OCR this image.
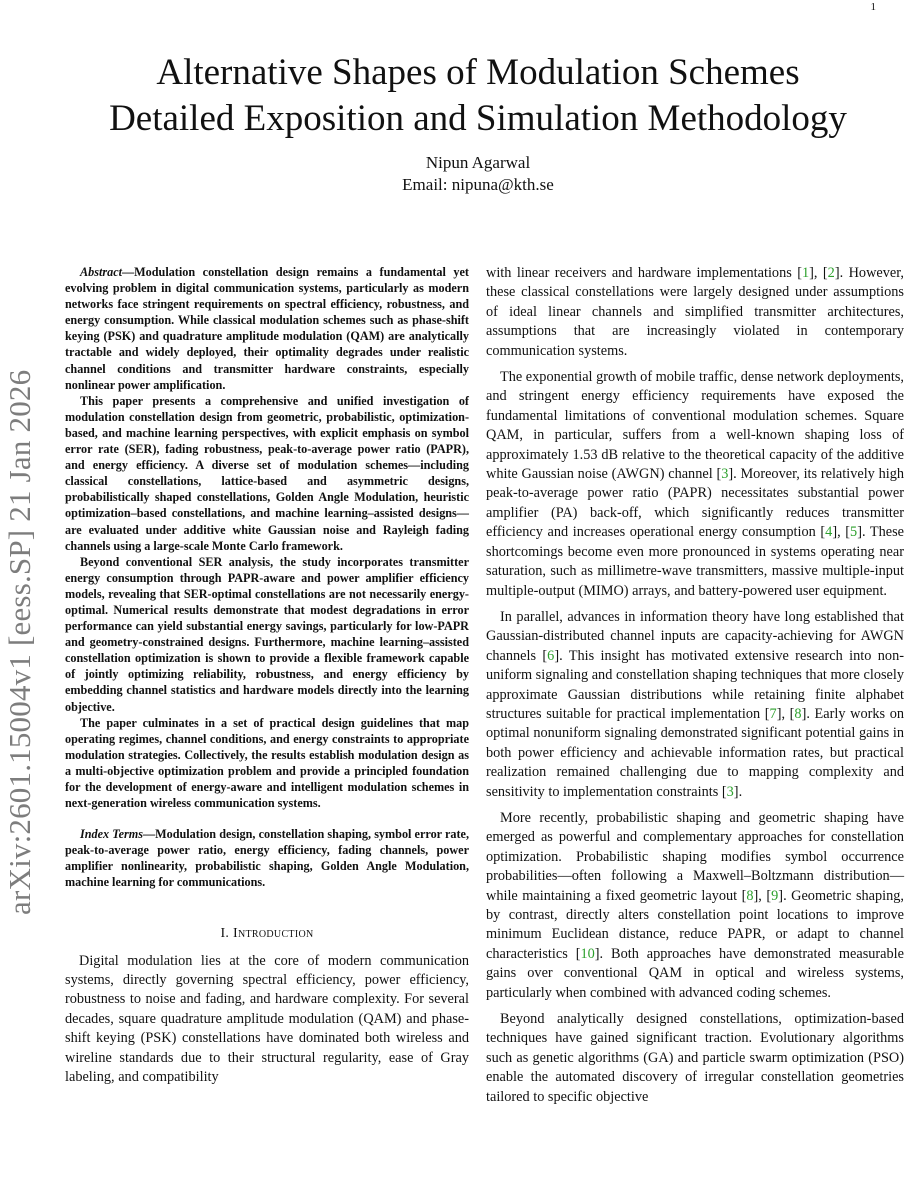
1
arXiv:2601.15004v1 [eess.SP] 21 Jan 2026
Alternative Shapes of Modulation Schemes
Detailed Exposition and Simulation Methodology
Nipun Agarwal
Email: nipuna@kth.se

Abstract—Modulation constellation design remains a fundamental yet evolving problem in digital communication systems, particularly as modern networks face stringent requirements on spectral efficiency, robustness, and energy consumption. While classical modulation schemes such as phase-shift keying (PSK) and quadrature amplitude modulation (QAM) are analytically tractable and widely deployed, their optimality degrades under realistic channel conditions and transmitter hardware constraints, especially nonlinear power amplification.

This paper presents a comprehensive and unified investigation of modulation constellation design from geometric, probabilistic, optimization-based, and machine learning perspectives, with explicit emphasis on symbol error rate (SER), fading robustness, peak-to-average power ratio (PAPR), and energy efficiency. A diverse set of modulation schemes—including classical constellations, lattice-based and asymmetric designs, probabilistically shaped constellations, Golden Angle Modulation, heuristic optimization–based constellations, and machine learning–assisted designs—are evaluated under additive white Gaussian noise and Rayleigh fading channels using a large-scale Monte Carlo framework.

Beyond conventional SER analysis, the study incorporates transmitter energy consumption through PAPR-aware and power amplifier efficiency models, revealing that SER-optimal constellations are not necessarily energy-optimal. Numerical results demonstrate that modest degradations in error performance can yield substantial energy savings, particularly for low-PAPR and geometry-constrained designs. Furthermore, machine learning–assisted constellation optimization is shown to provide a flexible framework capable of jointly optimizing reliability, robustness, and energy efficiency by embedding channel statistics and hardware models directly into the learning objective.

The paper culminates in a set of practical design guidelines that map operating regimes, channel conditions, and energy constraints to appropriate modulation strategies. Collectively, the results establish modulation design as a multi-objective optimization problem and provide a principled foundation for the development of energy-aware and intelligent modulation schemes in next-generation wireless communication systems.

Index Terms—Modulation design, constellation shaping, symbol error rate, peak-to-average power ratio, energy efficiency, fading channels, power amplifier nonlinearity, probabilistic shaping, Golden Angle Modulation, machine learning for communications.

I. Introduction

Digital modulation lies at the core of modern communication systems, directly governing spectral efficiency, power efficiency, robustness to noise and fading, and hardware complexity. For several decades, square quadrature amplitude modulation (QAM) and phase-shift keying (PSK) constellations have dominated both wireless and wireline standards due to their structural regularity, ease of Gray labeling, and compatibility

with linear receivers and hardware implementations [1], [2]. However, these classical constellations were largely designed under assumptions of ideal linear channels and simplified transmitter architectures, assumptions that are increasingly violated in contemporary communication systems.

The exponential growth of mobile traffic, dense network deployments, and stringent energy efficiency requirements have exposed the fundamental limitations of conventional modulation schemes. Square QAM, in particular, suffers from a well-known shaping loss of approximately 1.53 dB relative to the theoretical capacity of the additive white Gaussian noise (AWGN) channel [3]. Moreover, its relatively high peak-to-average power ratio (PAPR) necessitates substantial power amplifier (PA) back-off, which significantly reduces transmitter efficiency and increases operational energy consumption [4], [5]. These shortcomings become even more pronounced in systems operating near saturation, such as millimetre-wave transmitters, massive multiple-input multiple-output (MIMO) arrays, and battery-powered user equipment.

In parallel, advances in information theory have long established that Gaussian-distributed channel inputs are capacity-achieving for AWGN channels [6]. This insight has motivated extensive research into non-uniform signaling and constellation shaping techniques that more closely approximate Gaussian distributions while retaining finite alphabet structures suitable for practical implementation [7], [8]. Early works on optimal nonuniform signaling demonstrated significant potential gains in both power efficiency and achievable information rates, but practical realization remained challenging due to mapping complexity and sensitivity to implementation constraints [3].

More recently, probabilistic shaping and geometric shaping have emerged as powerful and complementary approaches for constellation optimization. Probabilistic shaping modifies symbol occurrence probabilities—often following a Maxwell–Boltzmann distribution—while maintaining a fixed geometric layout [8], [9]. Geometric shaping, by contrast, directly alters constellation point locations to improve minimum Euclidean distance, reduce PAPR, or adapt to channel characteristics [10]. Both approaches have demonstrated measurable gains over conventional QAM in optical and wireless systems, particularly when combined with advanced coding schemes.

Beyond analytically designed constellations, optimization-based techniques have gained significant traction. Evolutionary algorithms such as genetic algorithms (GA) and particle swarm optimization (PSO) enable the automated discovery of irregular constellation geometries tailored to specific objective
